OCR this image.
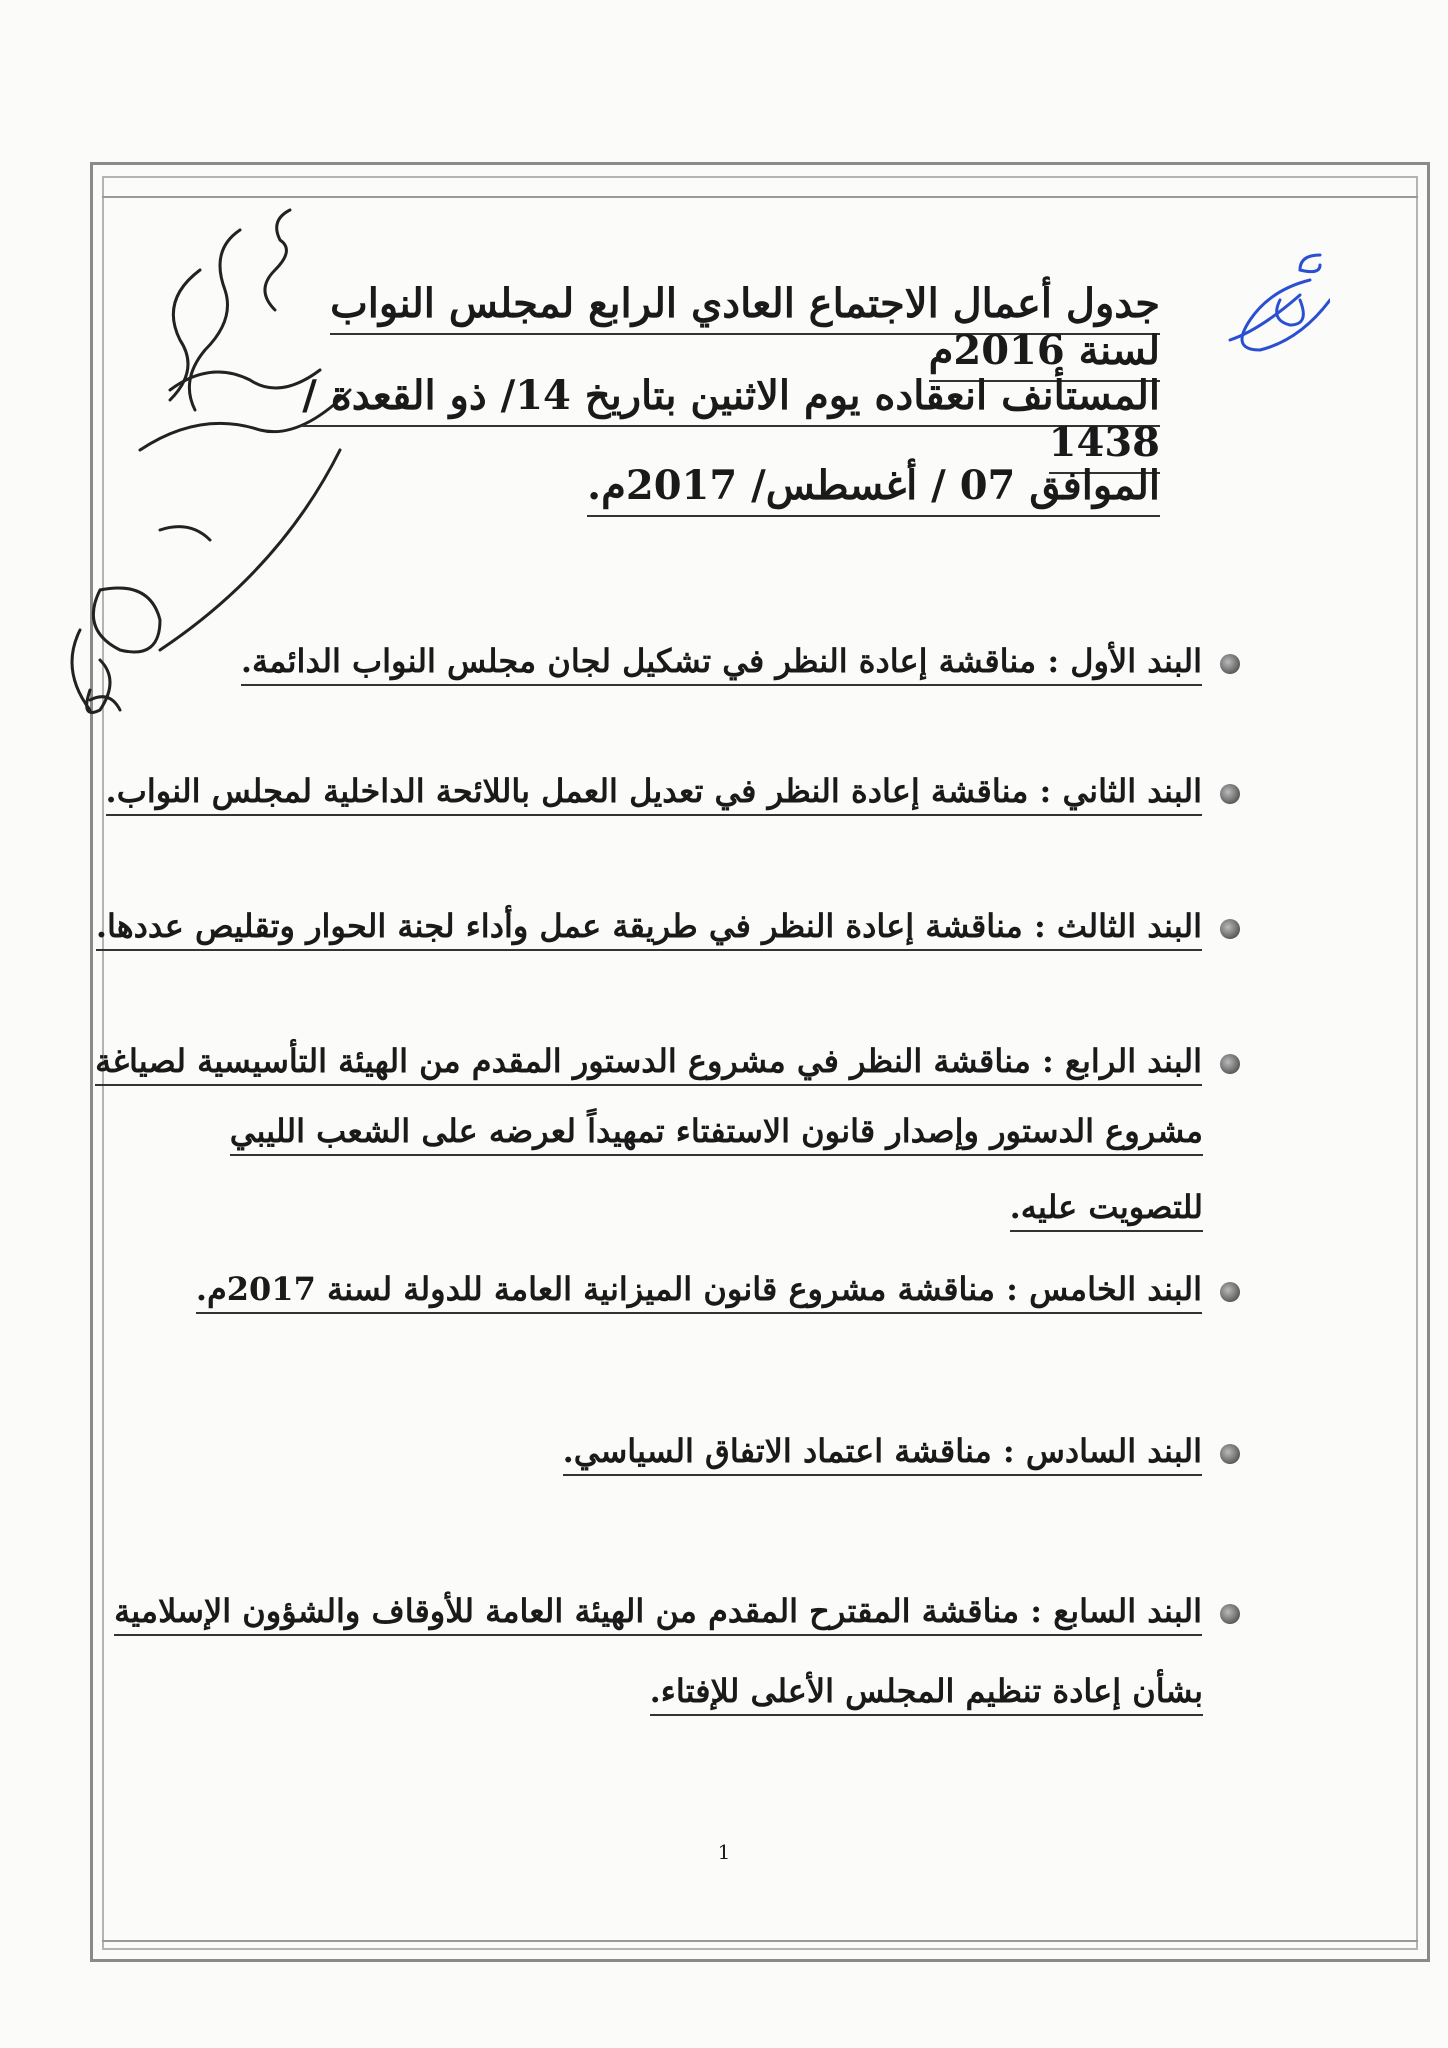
جدول أعمال الاجتماع العادي الرابع لمجلس النواب لسنة 2016م
المستأنف انعقاده يوم الاثنين بتاريخ 14/ ذو القعدة / 1438
الموافق 07 / أغسطس/ 2017م.
البند الأول : مناقشة إعادة النظر في تشكيل لجان مجلس النواب الدائمة.
البند الثاني : مناقشة إعادة النظر في تعديل العمل باللائحة الداخلية لمجلس النواب.
البند الثالث : مناقشة إعادة النظر في طريقة عمل وأداء لجنة الحوار وتقليص عددها.
البند الرابع : مناقشة النظر في مشروع الدستور المقدم من الهيئة التأسيسية لصياغة
مشروع الدستور وإصدار قانون الاستفتاء تمهيداً لعرضه على الشعب الليبي
للتصويت عليه.
البند الخامس : مناقشة مشروع قانون الميزانية العامة للدولة لسنة 2017م.
البند السادس : مناقشة اعتماد الاتفاق السياسي.
البند السابع : مناقشة المقترح المقدم من الهيئة العامة للأوقاف والشؤون الإسلامية
بشأن إعادة تنظيم المجلس الأعلى للإفتاء.
1
